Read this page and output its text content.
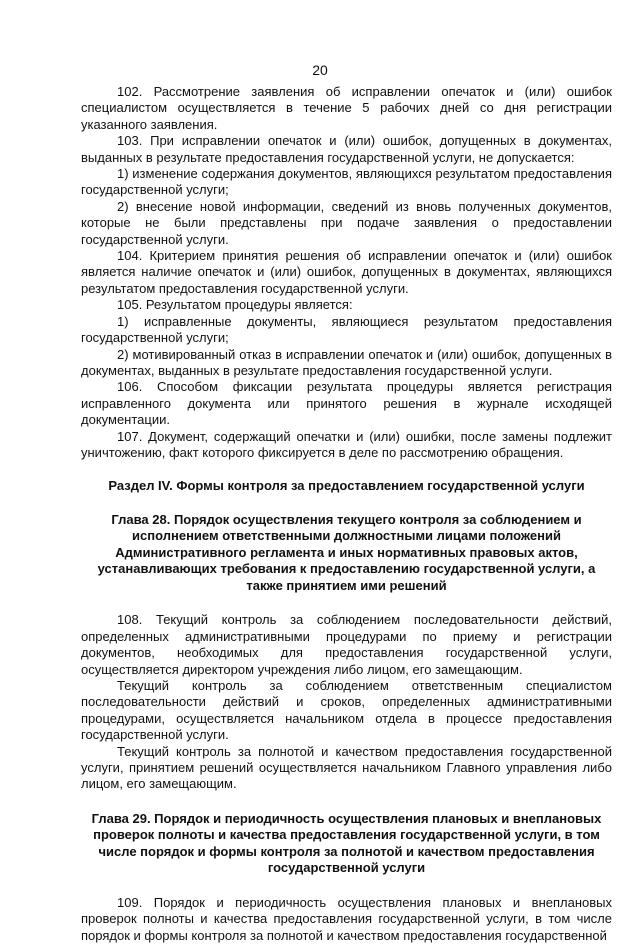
20

102. Рассмотрение заявления об исправлении опечаток и (или) ошибок специалистом осуществляется в течение 5 рабочих дней со дня регистрации указанного заявления.

103. При исправлении опечаток и (или) ошибок, допущенных в документах, выданных в результате предоставления государственной услуги, не допускается:

1) изменение содержания документов, являющихся результатом предоставления государственной услуги;

2) внесение новой информации, сведений из вновь полученных документов, которые не были представлены при подаче заявления о предоставлении государственной услуги.

104. Критерием принятия решения об исправлении опечаток и (или) ошибок является наличие опечаток и (или) ошибок, допущенных в документах, являющихся результатом предоставления государственной услуги.

105. Результатом процедуры является:

1) исправленные документы, являющиеся результатом предоставления государственной услуги;

2) мотивированный отказ в исправлении опечаток и (или) ошибок, допущенных в документах, выданных в результате предоставления государственной услуги.

106. Способом фиксации результата процедуры является регистрация исправленного документа или принятого решения в журнале исходящей документации.

107. Документ, содержащий опечатки и (или) ошибки, после замены подлежит уничтожению, факт которого фиксируется в деле по рассмотрению обращения.

Раздел IV. Формы контроля за предоставлением государственной услуги
Глава 28. Порядок осуществления текущего контроля за соблюдением и исполнением ответственными должностными лицами положений Административного регламента и иных нормативных правовых актов, устанавливающих требования к предоставлению государственной услуги, а также принятием ими решений

108. Текущий контроль за соблюдением последовательности действий, определенных административными процедурами по приему и регистрации документов, необходимых для предоставления государственной услуги, осуществляется директором учреждения либо лицом, его замещающим.

Текущий контроль за соблюдением ответственным специалистом последовательности действий и сроков, определенных административными процедурами, осуществляется начальником отдела в процессе предоставления государственной услуги.

Текущий контроль за полнотой и качеством предоставления государственной услуги, принятием решений осуществляется начальником Главного управления либо лицом, его замещающим.

Глава 29. Порядок и периодичность осуществления плановых и внеплановых проверок полноты и качества предоставления государственной услуги, в том числе порядок и формы контроля за полнотой и качеством предоставления государственной услуги

109. Порядок и периодичность осуществления плановых и внеплановых проверок полноты и качества предоставления государственной услуги, в том числе порядок и формы контроля за полнотой и качеством предоставления государственной
